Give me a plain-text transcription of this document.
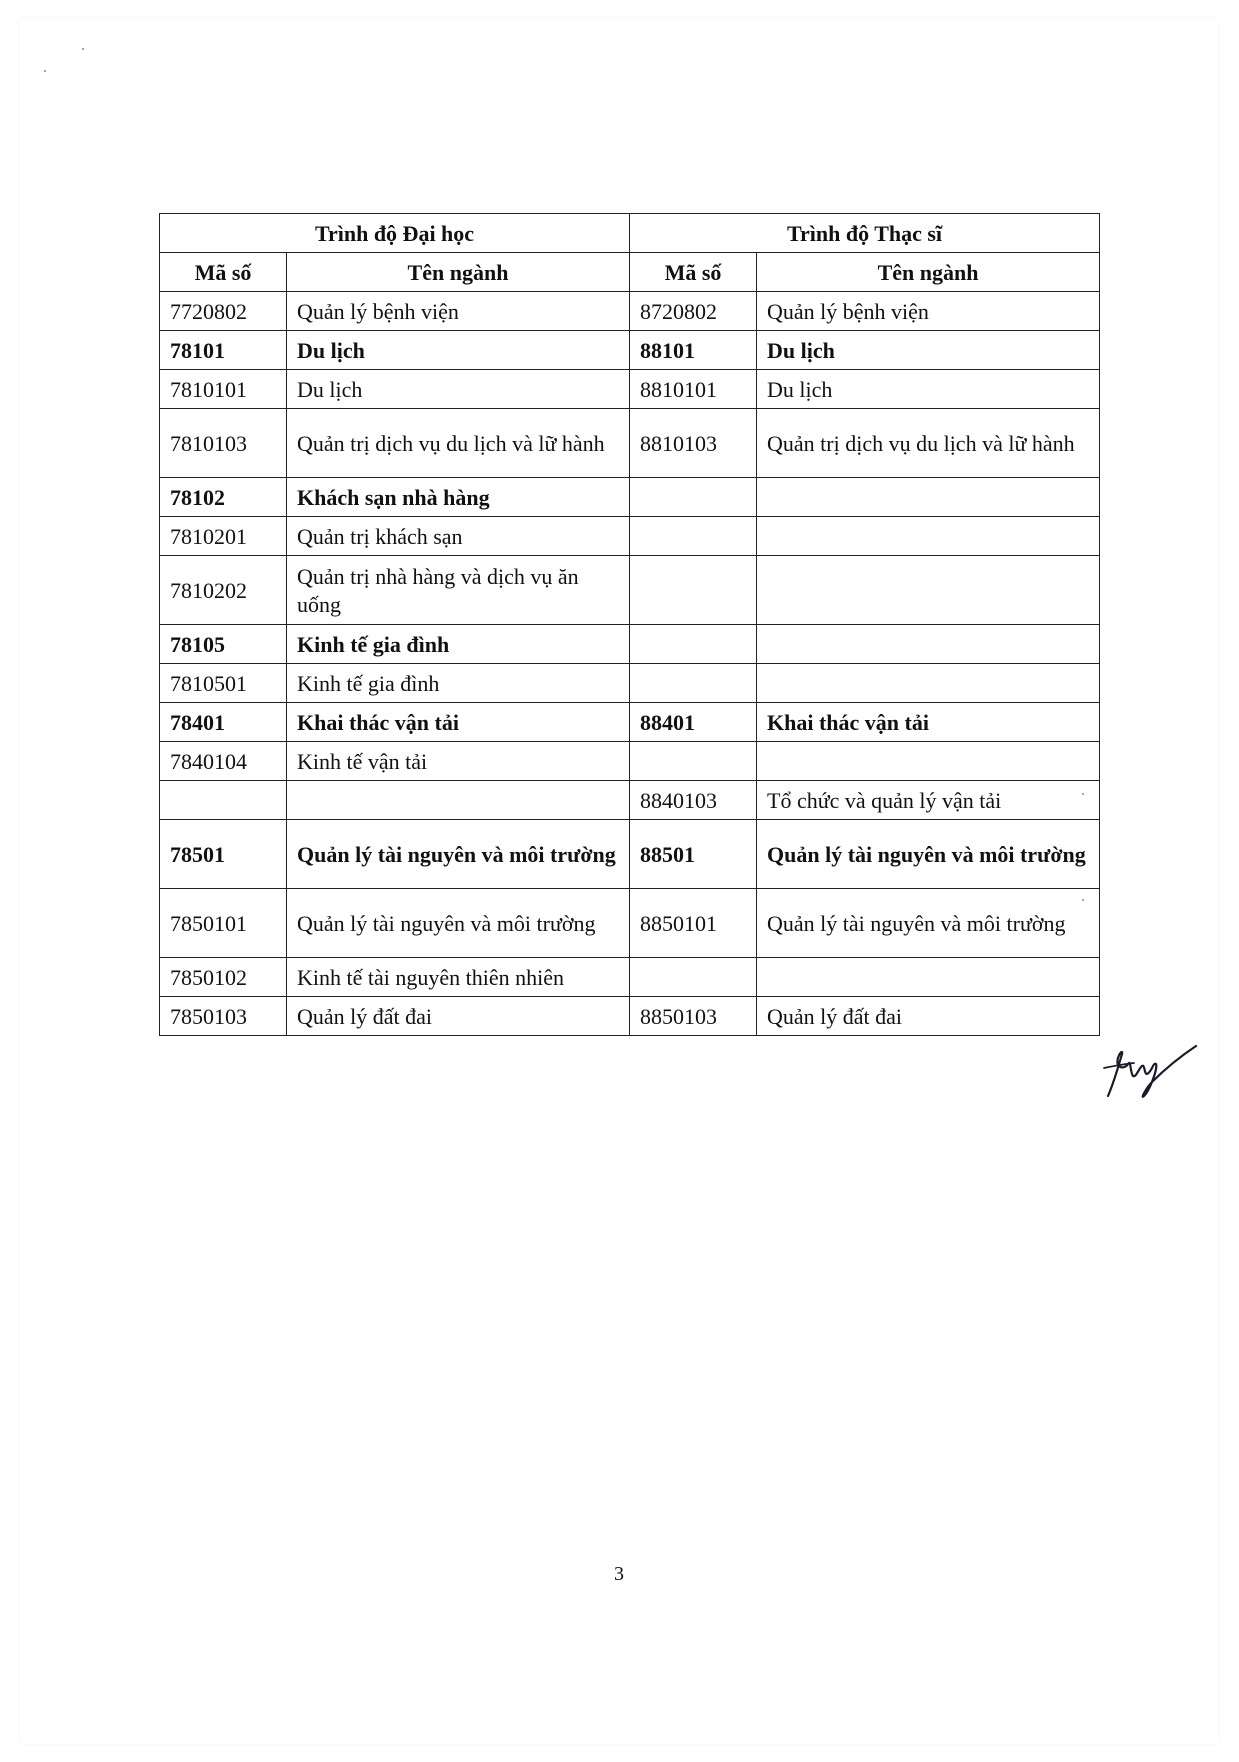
Trình độ Đại học		Trình độ Thạc sĩ	
Mã số	Tên ngành	Mã số	Tên ngành
7720802	Quản lý bệnh viện	8720802	Quản lý bệnh viện
78101	Du lịch	88101	Du lịch
7810101	Du lịch	8810101	Du lịch
7810103	Quản trị dịch vụ du lịch và lữ hành	8810103	Quản trị dịch vụ du lịch và lữ hành
78102	Khách sạn nhà hàng		
7810201	Quản trị khách sạn		
7810202	Quản trị nhà hàng và dịch vụ ăn uống		
78105	Kinh tế gia đình		
7810501	Kinh tế gia đình		
78401	Khai thác vận tải	88401	Khai thác vận tải
7840104	Kinh tế vận tải		
		8840103	Tổ chức và quản lý vận tải
78501	Quản lý tài nguyên và môi trường	88501	Quản lý tài nguyên và môi trường
7850101	Quản lý tài nguyên và môi trường	8850101	Quản lý tài nguyên và môi trường
7850102	Kinh tế tài nguyên thiên nhiên		
7850103	Quản lý đất đai	8850103	Quản lý đất đai
3
